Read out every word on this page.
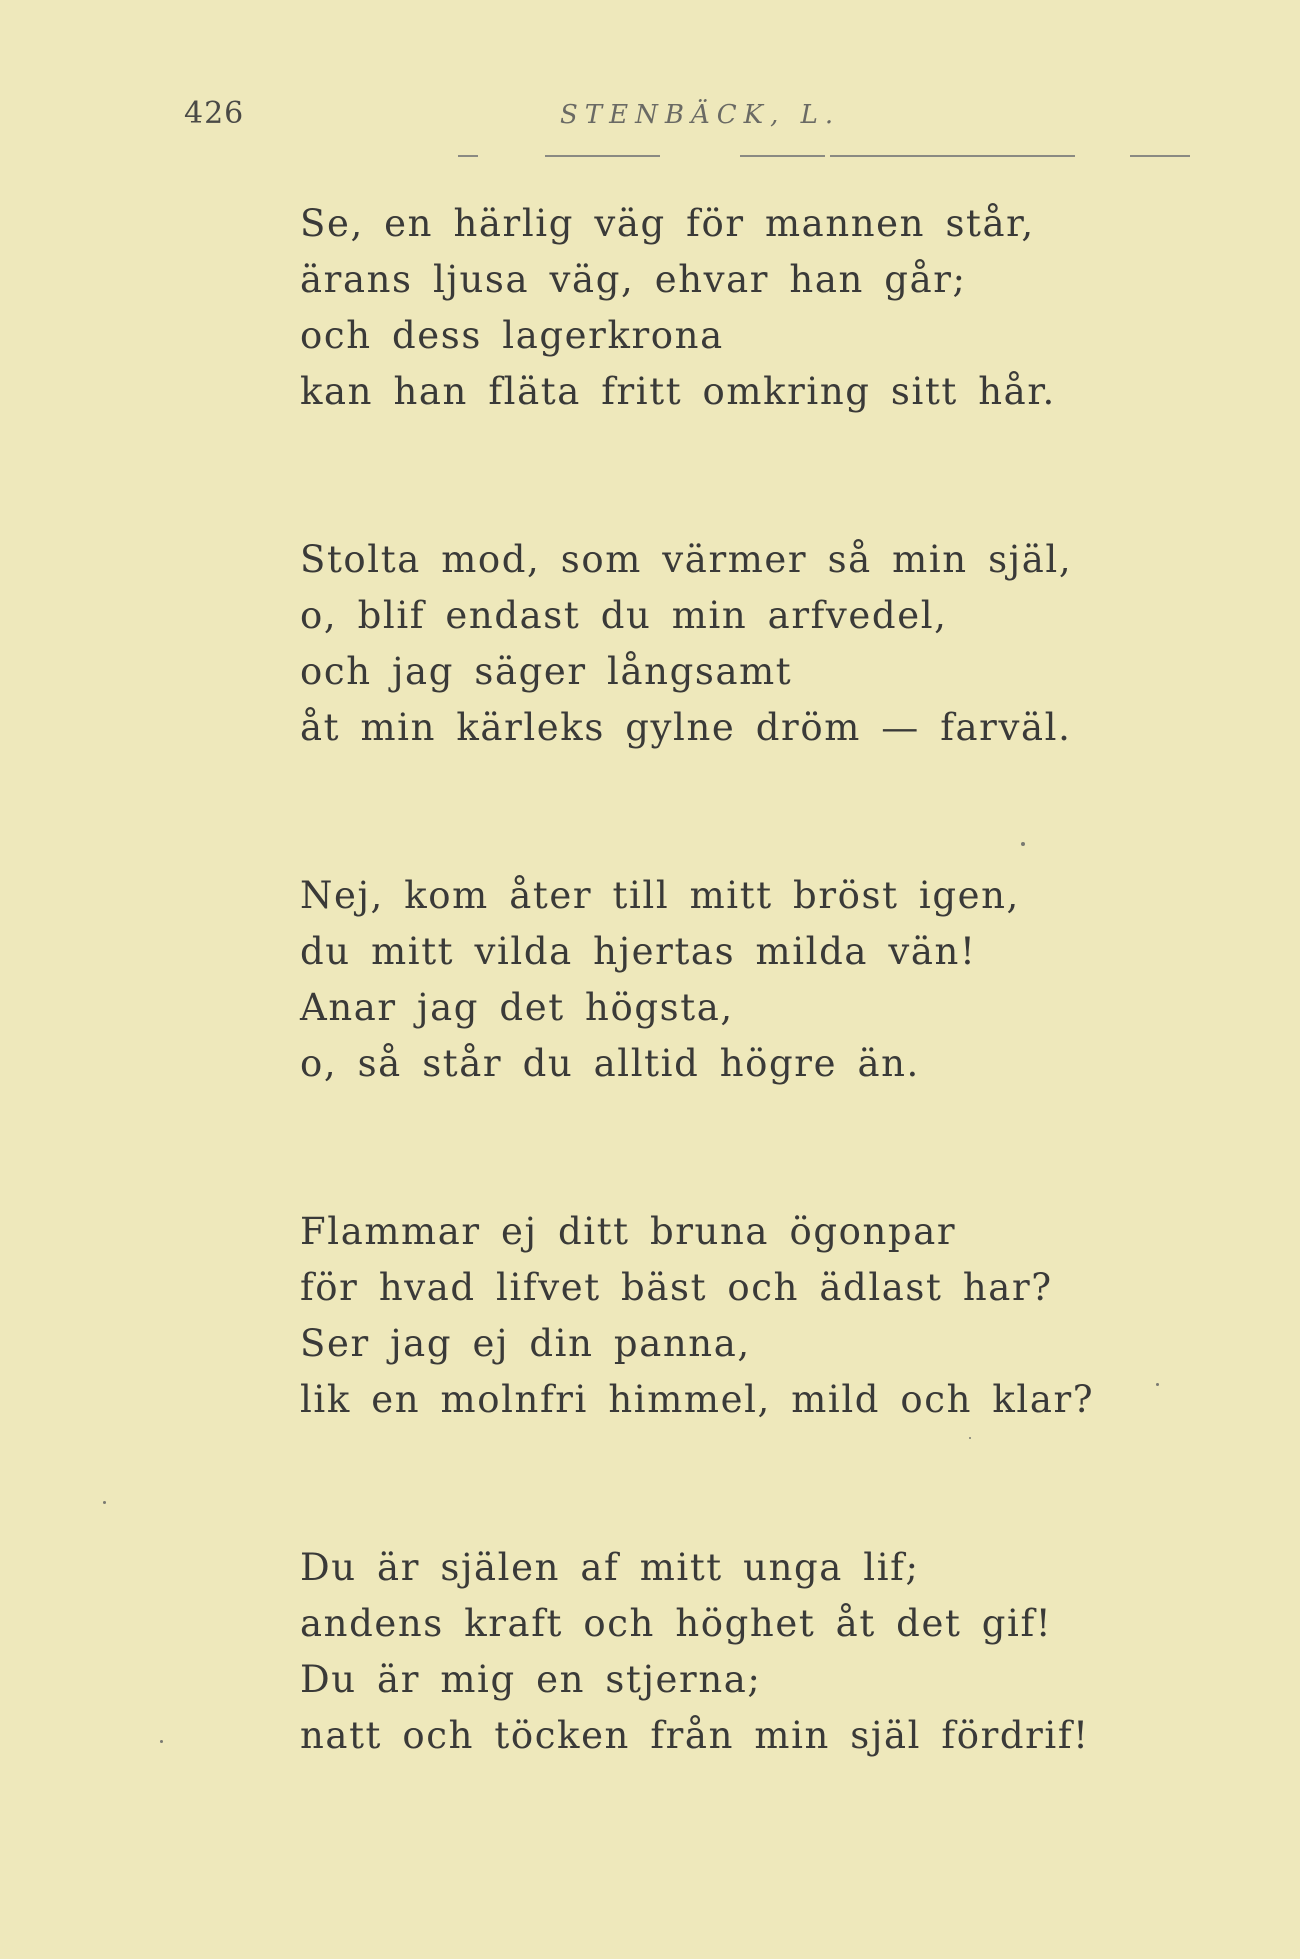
426	STENBÄCK, L.
Se, en härlig väg för mannen står,
ärans ljusa väg, ehvar han går;
och dess lagerkrona
kan han fläta fritt omkring sitt hår.
Stolta mod, som värmer så min själ,
o, blif endast du min arfvedel,
och jag säger långsamt
åt min kärleks gylne dröm — farväl.
Nej, kom åter till mitt bröst igen,
du mitt vilda hjertas milda vän!
Anar jag det högsta,
o, så står du alltid högre än.
Flammar ej ditt bruna ögonpar
för hvad lifvet bäst och ädlast har?
Ser jag ej din panna,
lik en molnfri himmel, mild och klar?
Du är själen af mitt unga lif;
andens kraft och höghet åt det gif!
Du är mig en stjerna;
natt och töcken från min själ fördrif!
